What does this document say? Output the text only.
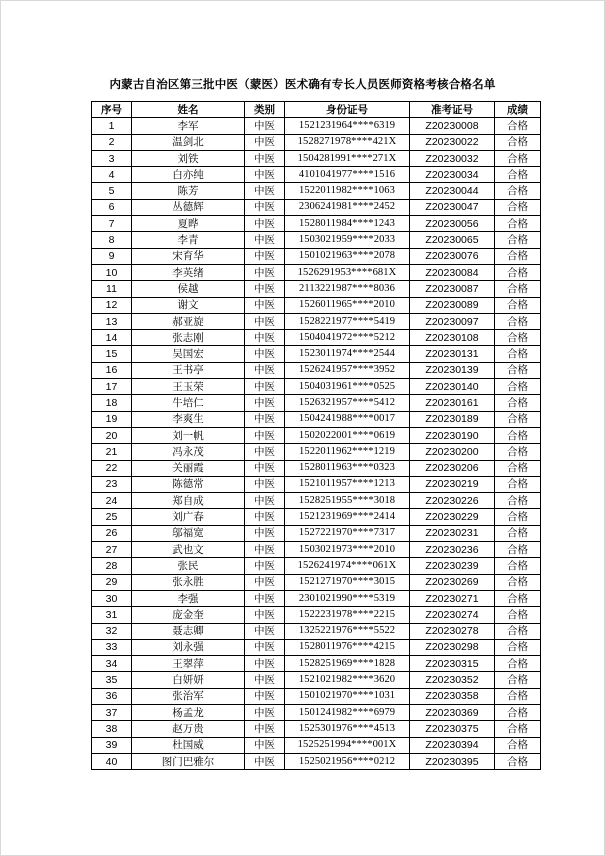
内蒙古自治区第三批中医（蒙医）医术确有专长人员医师资格考核合格名单
序号	姓名	类别	身份证号	准考证号	成绩
1	李军	中医	1521231964****6319	Z20230008	合格
2	温剑北	中医	1528271978****421X	Z20230022	合格
3	刘铁	中医	1504281991****271X	Z20230032	合格
4	白亦纯	中医	4101041977****1516	Z20230034	合格
5	陈芳	中医	1522011982****1063	Z20230044	合格
6	丛德辉	中医	2306241981****2452	Z20230047	合格
7	夏晔	中医	1528011984****1243	Z20230056	合格
8	李青	中医	1503021959****2033	Z20230065	合格
9	宋育华	中医	1501021963****2078	Z20230076	合格
10	李英绪	中医	1526291953****681X	Z20230084	合格
11	侯越	中医	2113221987****8036	Z20230087	合格
12	谢文	中医	1526011965****2010	Z20230089	合格
13	郝亚旋	中医	1528221977****5419	Z20230097	合格
14	张志刚	中医	1504041972****5212	Z20230108	合格
15	吴国宏	中医	1523011974****2544	Z20230131	合格
16	王书亭	中医	1526241957****3952	Z20230139	合格
17	王玉荣	中医	1504031961****0525	Z20230140	合格
18	牛培仁	中医	1526321957****5412	Z20230161	合格
19	李爽生	中医	1504241988****0017	Z20230189	合格
20	刘一帆	中医	1502022001****0619	Z20230190	合格
21	冯永茂	中医	1522011962****1219	Z20230200	合格
22	关丽霞	中医	1528011963****0323	Z20230206	合格
23	陈德常	中医	1521011957****1213	Z20230219	合格
24	郑自成	中医	1528251955****3018	Z20230226	合格
25	刘广春	中医	1521231969****2414	Z20230229	合格
26	邬福宽	中医	1527221970****7317	Z20230231	合格
27	武也文	中医	1503021973****2010	Z20230236	合格
28	张民	中医	1526241974****061X	Z20230239	合格
29	张永胜	中医	1521271970****3015	Z20230269	合格
30	李强	中医	2301021990****5319	Z20230271	合格
31	庞金奎	中医	1522231978****2215	Z20230274	合格
32	聂志卿	中医	1325221976****5522	Z20230278	合格
33	刘永强	中医	1528011976****4215	Z20230298	合格
34	王翠萍	中医	1528251969****1828	Z20230315	合格
35	白妍妍	中医	1521021982****3620	Z20230352	合格
36	张治军	中医	1501021970****1031	Z20230358	合格
37	杨孟龙	中医	1501241982****6979	Z20230369	合格
38	赵万贵	中医	1525301976****4513	Z20230375	合格
39	杜国威	中医	1525251994****001X	Z20230394	合格
40	图门巴雅尔	中医	1525021956****0212	Z20230395	合格
